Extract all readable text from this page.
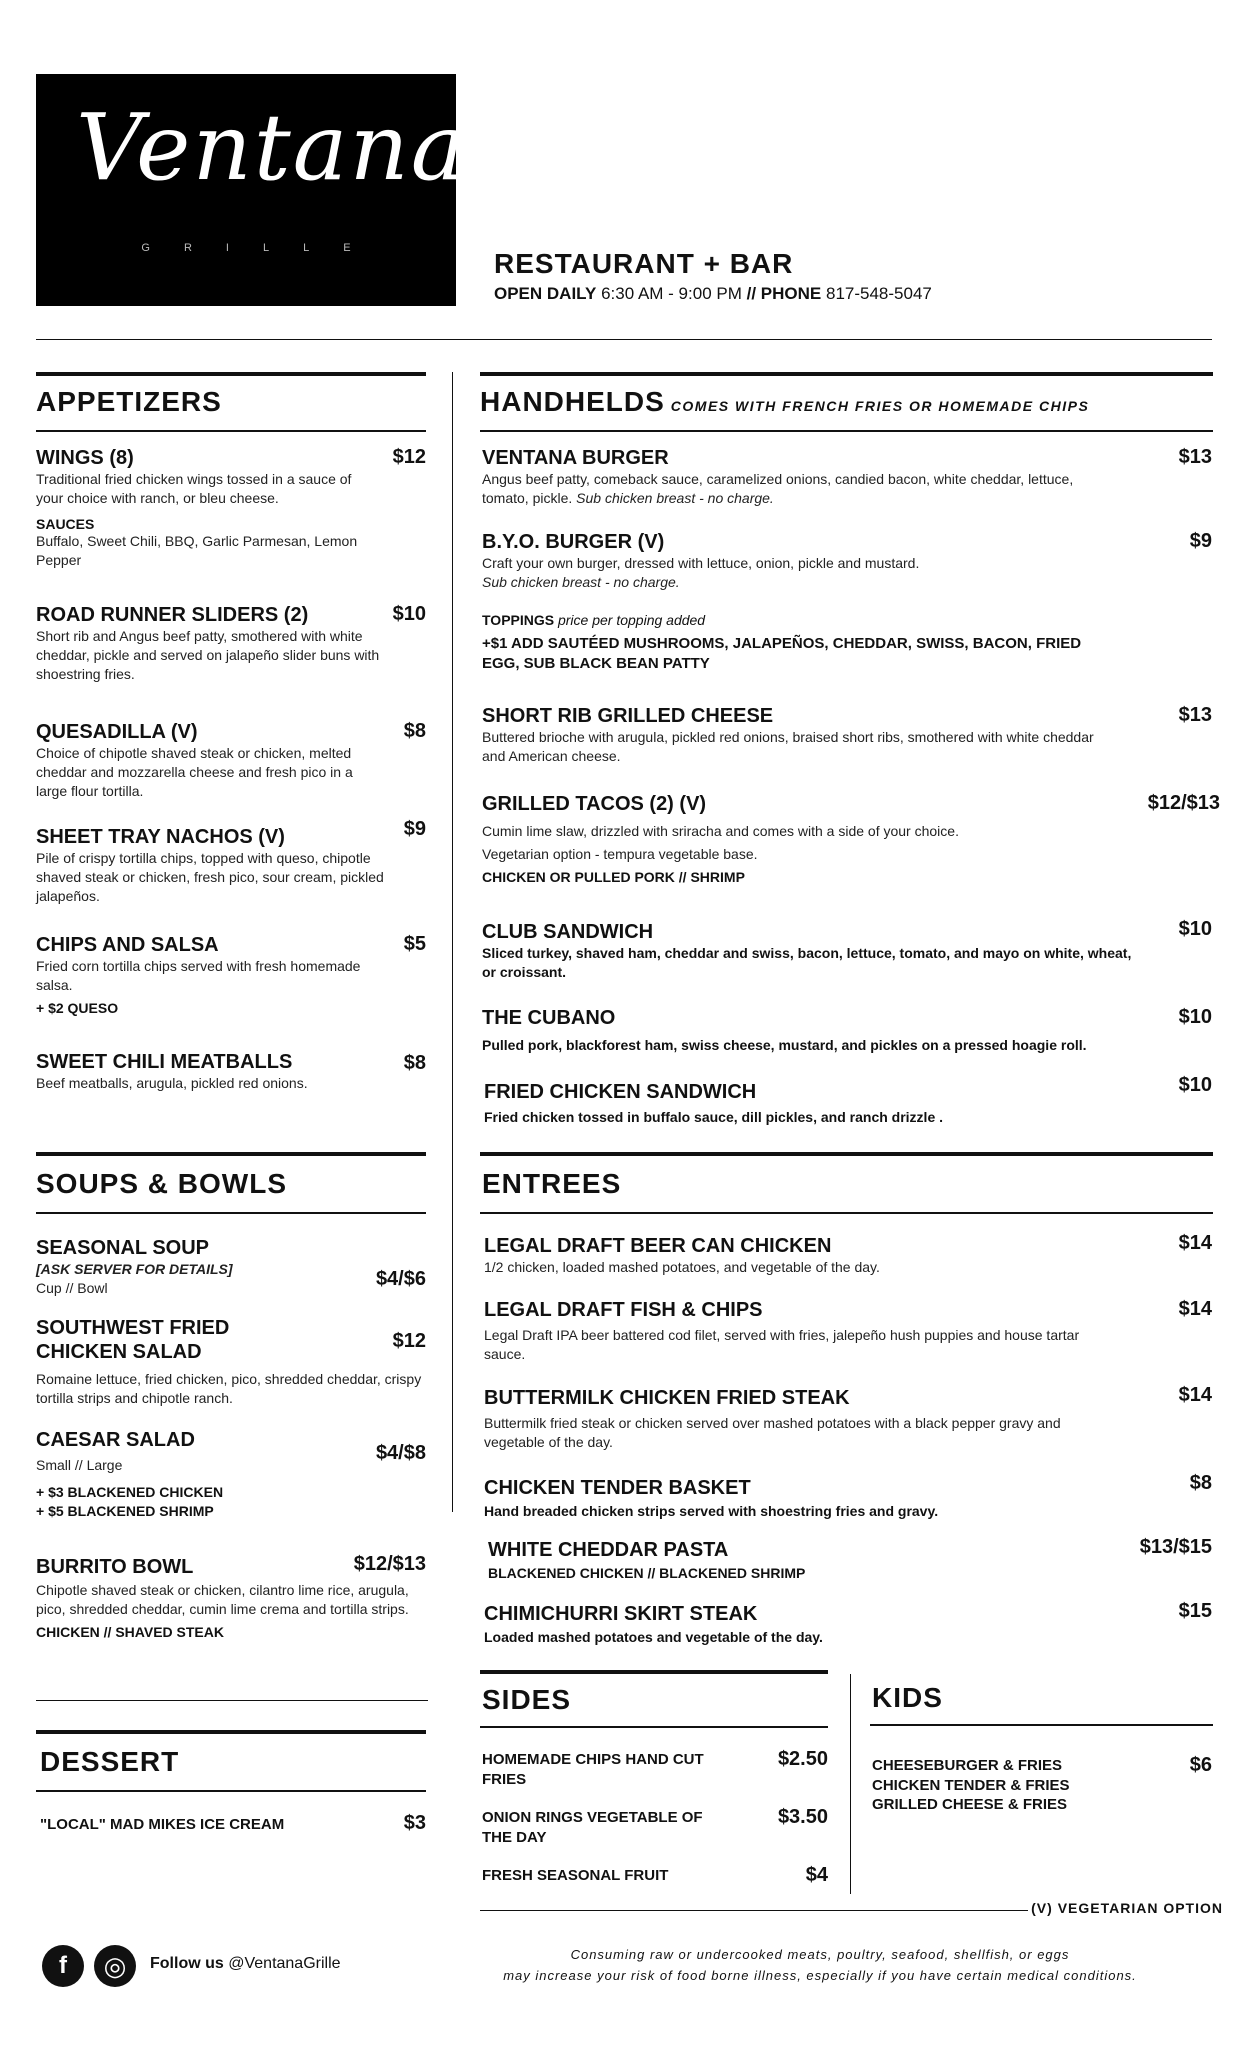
Ventana
GRILLE	RESTAURANT + BAR
OPEN DAILY 6:30 AM - 9:00 PM // PHONE 817-548-5047
APPETIZERS
WINGS (8)
Traditional fried chicken wings tossed in a sauce of your choice with ranch, or bleu cheese.
SAUCES
Buffalo, Sweet Chili, BBQ, Garlic Parmesan, Lemon Pepper
$12
ROAD RUNNER SLIDERS (2)
Short rib and Angus beef patty, smothered with white cheddar, pickle and served on jalapeño slider buns with shoestring fries.
$10
QUESADILLA (V)
Choice of chipotle shaved steak or chicken, melted cheddar and mozzarella cheese and fresh pico in a large flour tortilla.
$8
SHEET TRAY NACHOS (V)
Pile of crispy tortilla chips, topped with queso, chipotle shaved steak or chicken, fresh pico, sour cream, pickled jalapeños.
$9
CHIPS AND SALSA
Fried corn tortilla chips served with fresh homemade salsa.
+ $2 QUESO
$5
SWEET CHILI MEATBALLS
Beef meatballs, arugula, pickled red onions.
$8
HANDHELDS COMES WITH FRENCH FRIES OR HOMEMADE CHIPS
VENTANA BURGER
Angus beef patty, comeback sauce, caramelized onions, candied bacon, white cheddar, lettuce, tomato, pickle. Sub chicken breast - no charge.
$13
B.Y.O. BURGER (V)
Craft your own burger, dressed with lettuce, onion, pickle and mustard.
Sub chicken breast - no charge.
$9
TOPPINGS price per topping added
+$1 ADD SAUTÉED MUSHROOMS, JALAPEÑOS, CHEDDAR, SWISS, BACON, FRIED EGG, SUB BLACK BEAN PATTY
SHORT RIB GRILLED CHEESE
Buttered brioche with arugula, pickled red onions, braised short ribs, smothered with white cheddar and American cheese.
$13
GRILLED TACOS (2) (V)
Cumin lime slaw, drizzled with sriracha and comes with a side of your choice.
Vegetarian option - tempura vegetable base.
CHICKEN OR PULLED PORK // SHRIMP
$12/$13
CLUB SANDWICH
Sliced turkey, shaved ham, cheddar and swiss, bacon, lettuce, tomato, and mayo on white, wheat, or croissant.
$10
THE CUBANO
Pulled pork, blackforest ham, swiss cheese, mustard, and pickles on a pressed hoagie roll.
$10
FRIED CHICKEN SANDWICH
Fried chicken tossed in buffalo sauce, dill pickles, and ranch drizzle .
$10
SOUPS & BOWLS
SEASONAL SOUP
[ASK SERVER FOR DETAILS]
Cup // Bowl	$4/$6
SOUTHWEST FRIED CHICKEN SALAD
Romaine lettuce, fried chicken, pico, shredded cheddar, crispy tortilla strips and chipotle ranch.
$12
CAESAR SALAD
Small // Large
+ $3 BLACKENED CHICKEN
+ $5 BLACKENED SHRIMP
$4/$8
BURRITO BOWL
Chipotle shaved steak or chicken, cilantro lime rice, arugula, pico, shredded cheddar, cumin lime crema and tortilla strips.
CHICKEN // SHAVED STEAK
$12/$13
DESSERT
"LOCAL" MAD MIKES ICE CREAM	$3
ENTREES
LEGAL DRAFT BEER CAN CHICKEN
1/2 chicken, loaded mashed potatoes, and vegetable of the day.
$14
LEGAL DRAFT FISH & CHIPS
Legal Draft IPA beer battered cod filet, served with fries, jalepeño hush puppies and house tartar sauce.
$14
BUTTERMILK CHICKEN FRIED STEAK
Buttermilk fried steak or chicken served over mashed potatoes with a black pepper gravy and vegetable of the day.
$14
CHICKEN TENDER BASKET
Hand breaded chicken strips served with shoestring fries and gravy.
$8
WHITE CHEDDAR PASTA
BLACKENED CHICKEN // BLACKENED SHRIMP
$13/$15
CHIMICHURRI SKIRT STEAK
Loaded mashed potatoes and vegetable of the day.
$15
SIDES
HOMEMADE CHIPS HAND CUT FRIES
$2.50
ONION RINGS VEGETABLE OF THE DAY
$3.50
FRESH SEASONAL FRUIT	$4
KIDS
CHEESEBURGER & FRIES
CHICKEN TENDER & FRIES
GRILLED CHEESE & FRIES
$6
(V) VEGETARIAN OPTION
f	◎	Follow us @VentanaGrille
Consuming raw or undercooked meats, poultry, seafood, shellfish, or eggs
may increase your risk of food borne illness, especially if you have certain medical conditions.
